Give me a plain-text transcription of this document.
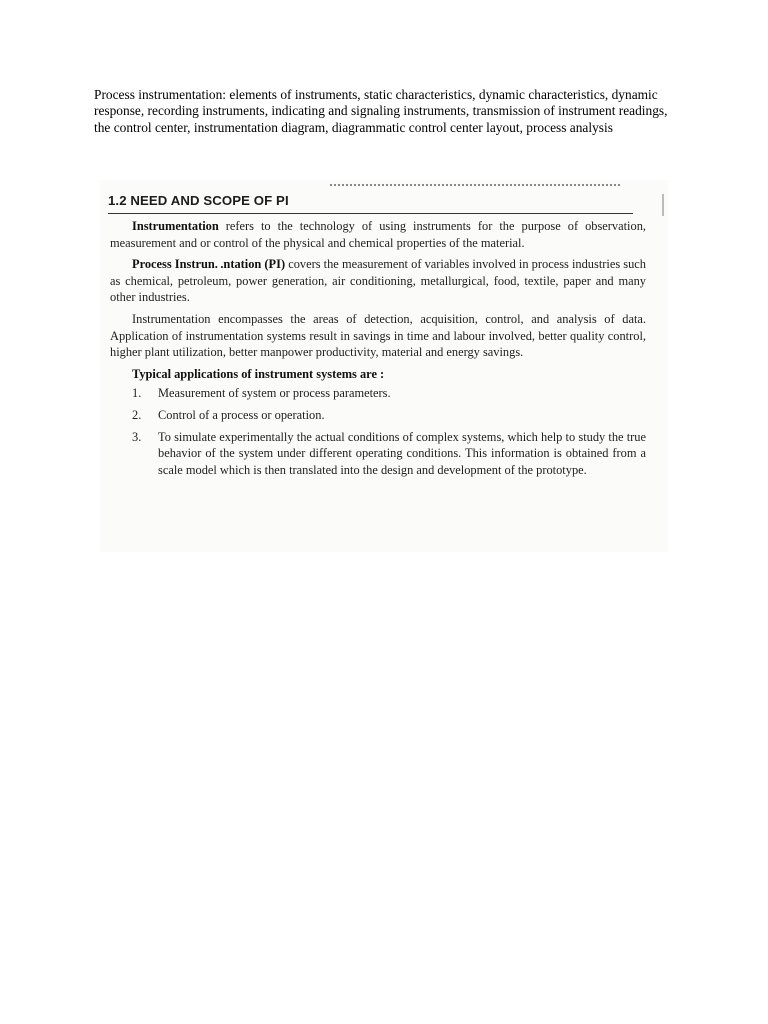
Process instrumentation: elements of instruments, static characteristics, dynamic characteristics, dynamic response, recording instruments, indicating and signaling instruments, transmission of instrument readings, the control center, instrumentation diagram, diagrammatic control center layout, process analysis

1.2 NEED AND SCOPE OF PI

Instrumentation refers to the technology of using instruments for the purpose of observation, measurement and or control of the physical and chemical properties of the material.

Process Instrun. .ntation (PI) covers the measurement of variables involved in process industries such as chemical, petroleum, power generation, air conditioning, metallurgical, food, textile, paper and many other industries.

Instrumentation encompasses the areas of detection, acquisition, control, and analysis of data. Application of instrumentation systems result in savings in time and labour involved, better quality control, higher plant utilization, better manpower productivity, material and energy savings.

Typical applications of instrument systems are :
1. Measurement of system or process parameters.
2. Control of a process or operation.
3. To simulate experimentally the actual conditions of complex systems, which help to study the true behavior of the system under different operating conditions. This information is obtained from a scale model which is then translated into the design and development of the prototype.
